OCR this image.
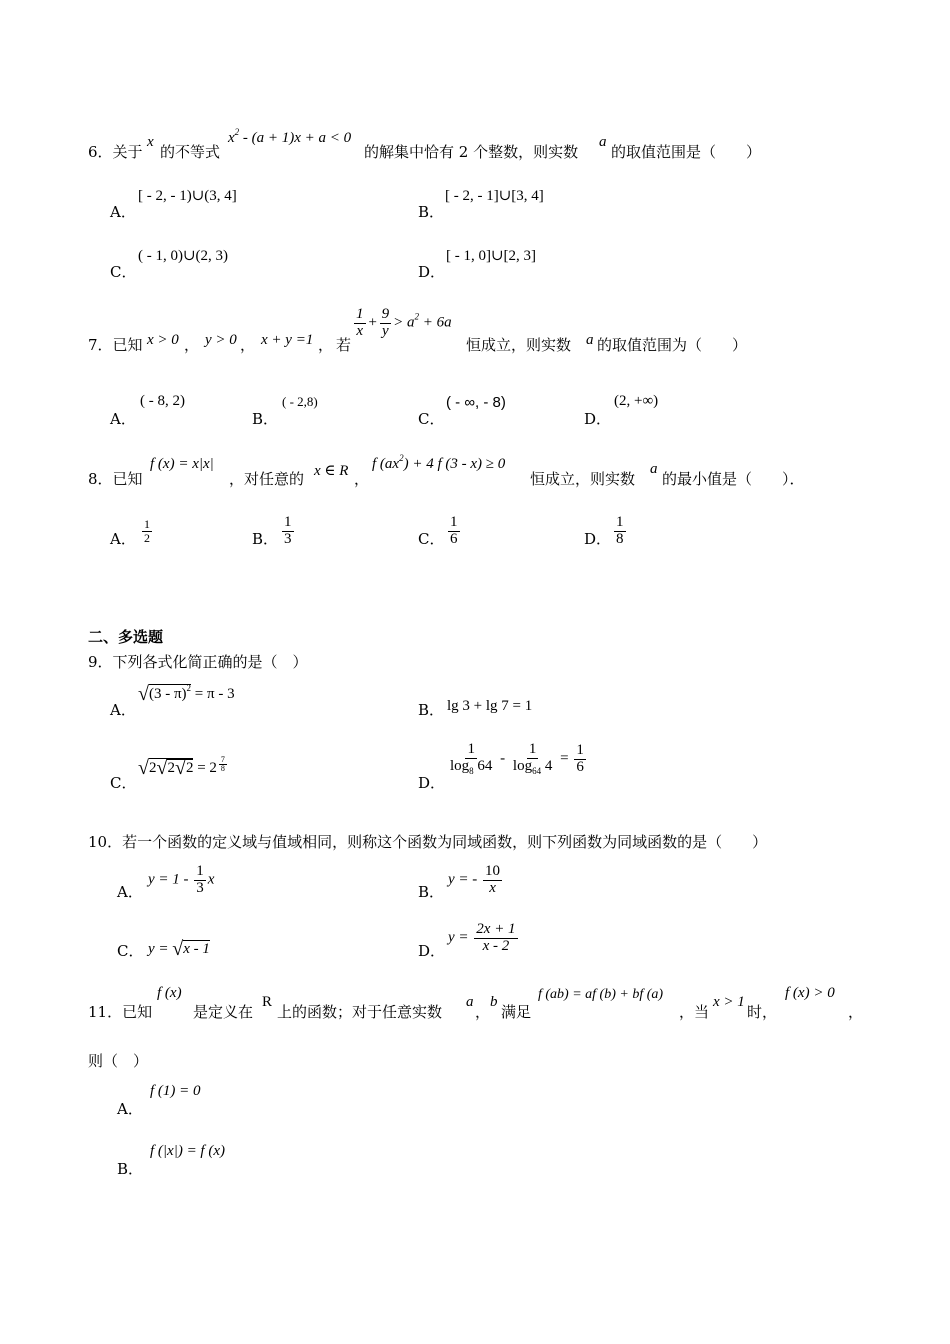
6．关于
x
的不等式
$x^2 - (a + 1)x + a < 0$
的解集中恰有 2 个整数，则实数
a
的取值范围是（　　）
A．
[ - 2, - 1)∪(3, 4]
B．
[ - 2, - 1]∪[3, 4]
C．
( - 1, 0)∪(2, 3)
D．
[ - 1, 0]∪[2, 3]
7．已知 x > 0 ， y > 0 ， x + y =1 ， 若
$\frac{1}{x} + \frac{9}{y} > a^2 + 6a$
恒成立，则实数 a 的取值范围为（　　）
A．
( - 8, 2)
B．
( - 2,8)
C．
( - ∞, - 8)
D．
(2, +∞)
8．已知
f (x) = x|x|
，对任意的 x ∈ R ，
f $(ax^2) + 4$ f (3 - x) ≥ 0
恒成立，则实数
a
的最小值是（　　）．
A． $\frac{1}{2}$	B． $\frac{1}{3}$	C． $\frac{1}{6}$	D． $\frac{1}{8}$
二、多选题
9．下列各式化简正确的是（　）
A．
√(3 - π)$^2$ = π - 3
B． lg 3 + lg 7 = 1
C．
$√2√2√2 = 2 \frac{7}{8}$
D．
$\frac{1}{\log_8 64} - \frac{1}{\log_{64} 4} = \frac{1}{6}$
10．若一个函数的定义域与值域相同，则称这个函数为同域函数，则下列函数为同域函数的是（　　）
A．
$y = 1 - \frac{1}{3}$ x
B．
y = - $\frac{10}{x}$
C． y = √x - 1	D．
$y = \frac{2x + 1}{x - 2}$
11．已知
f (x)
是定义在
R
上的函数；对于任意实数
a
，
b
满足
f (ab) = af (b) + bf (a)
，当
x > 1
时，
f (x) > 0
，
则（　）
A．
f (1) = 0
B．
f (|x|) = f (x)
